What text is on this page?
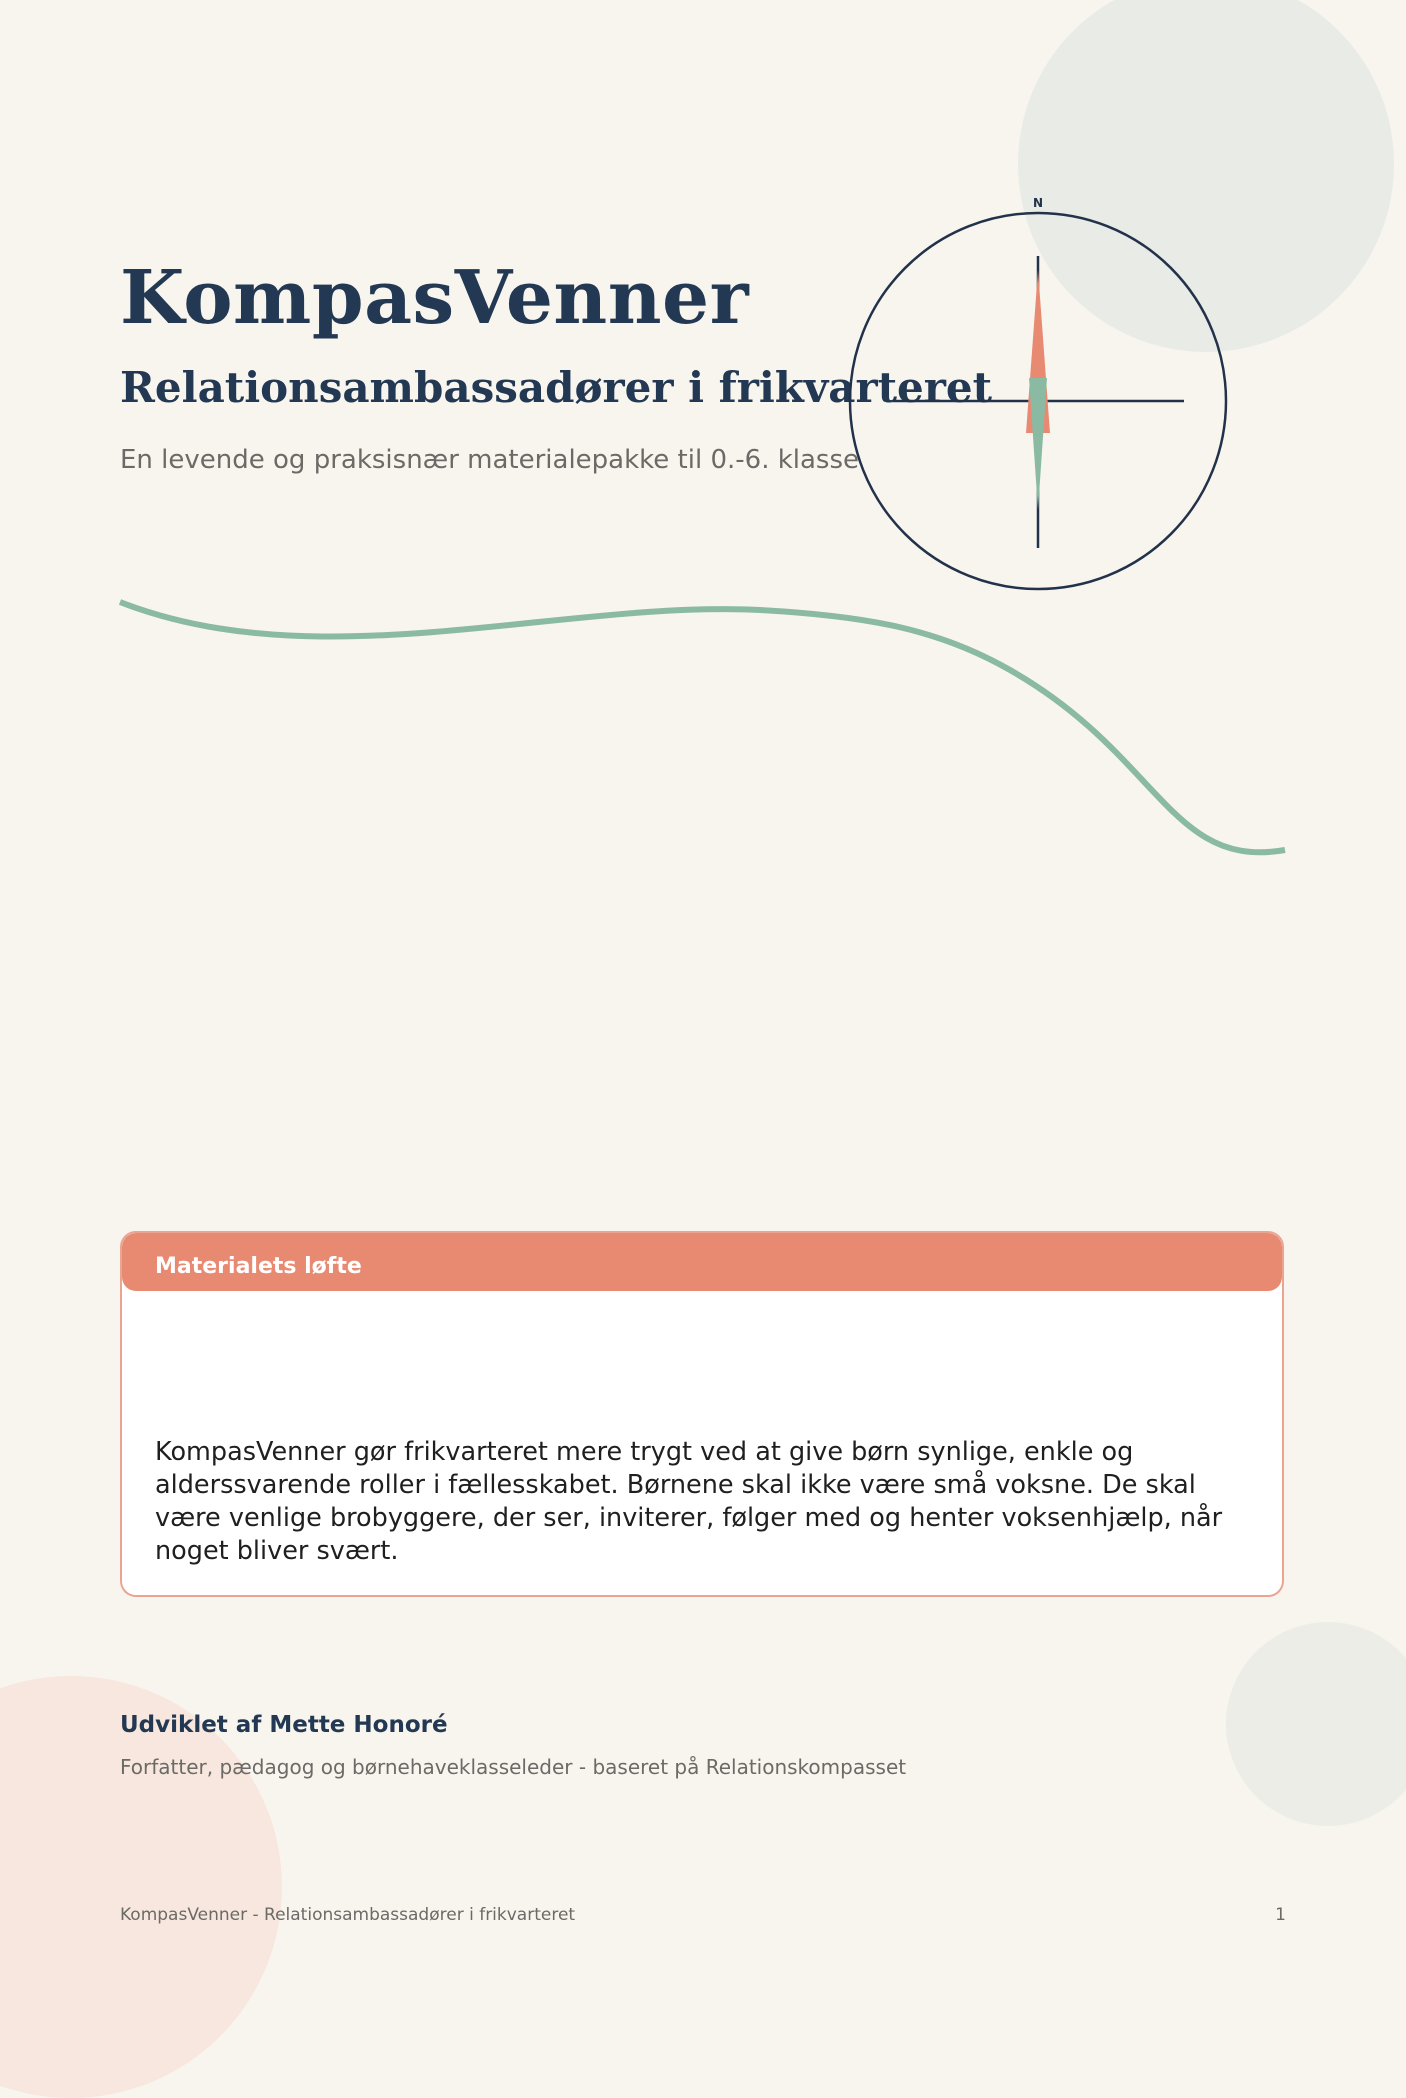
KompasVenner
Relationsambassadører i frikvarteret

En levende og praksisnær materialepakke til 0.-6. klasse

N
Materialets løfte

KompasVenner gør frikvarteret mere trygt ved at give børn synlige, enkle og alderssvarende roller i fællesskabet. Børnene skal ikke være små voksne. De skal være venlige brobyggere, der ser, inviterer, følger med og henter voksenhjælp, når noget bliver svært.

Udviklet af Mette Honoré

Forfatter, pædagog og børnehaveklasseleder - baseret på Relationskompasset

KompasVenner - Relationsambassadører i frikvarteret	1
